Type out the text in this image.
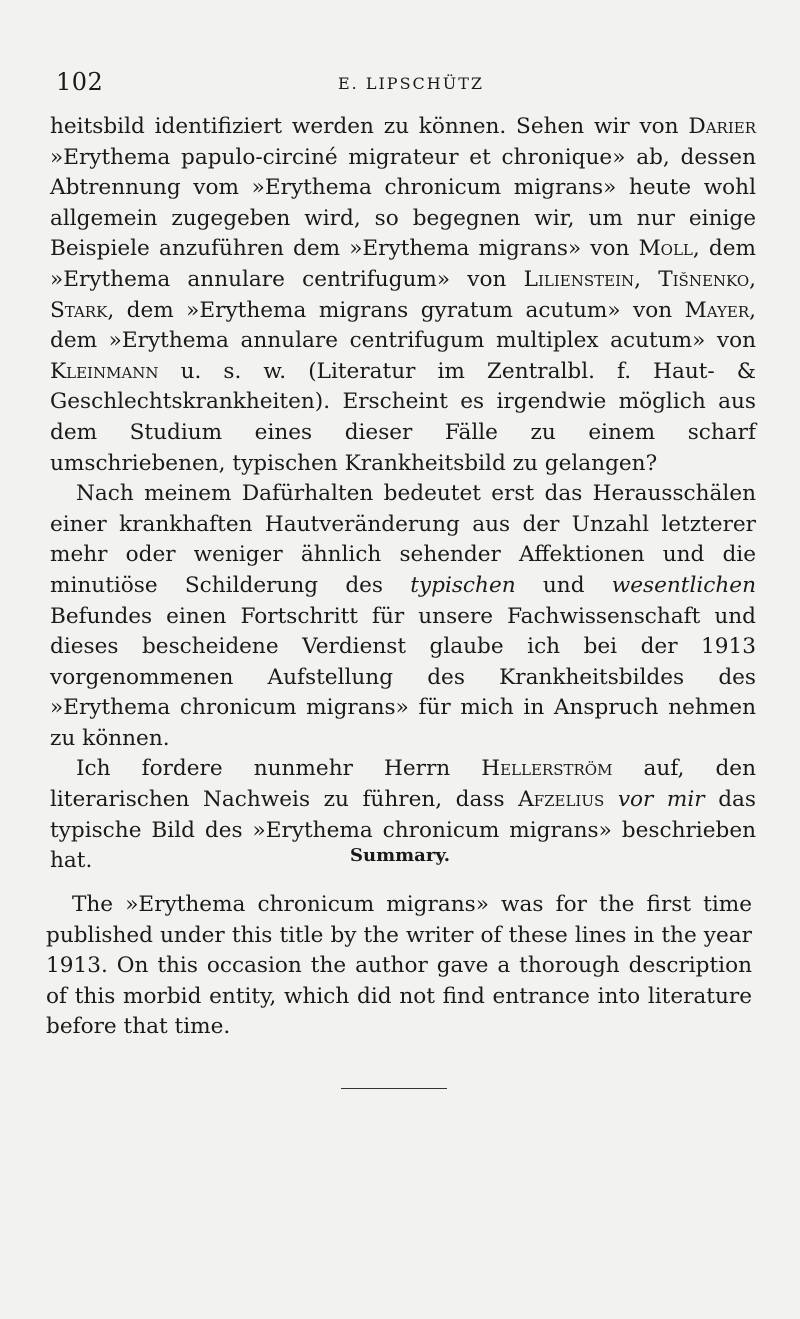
102	E. LIPSCHÜTZ

heitsbild identifiziert werden zu können. Sehen wir von Darier »Erythema papulo-circiné migrateur et chronique» ab, dessen Abtrennung vom »Erythema chronicum migrans» heute wohl allgemein zugegeben wird, so begegnen wir, um nur einige Beispiele anzuführen dem »Erythema migrans» von Moll, dem »Erythema annulare centrifugum» von Lilienstein, Tišnenko, Stark, dem »Erythema migrans gyratum acutum» von Mayer, dem »Erythema annulare centrifugum multiplex acutum» von Kleinmann u. s. w. (Literatur im Zentralbl. f. Haut- & Geschlechtskrankheiten). Erscheint es irgendwie möglich aus dem Studium eines dieser Fälle zu einem scharf umschriebenen, typischen Krankheitsbild zu gelangen?

Nach meinem Dafürhalten bedeutet erst das Herausschälen einer krankhaften Hautveränderung aus der Unzahl letzterer mehr oder weniger ähnlich sehender Affektionen und die minutiöse Schilderung des typischen und wesentlichen Befundes einen Fortschritt für unsere Fachwissenschaft und dieses bescheidene Verdienst glaube ich bei der 1913 vorgenommenen Aufstellung des Krankheitsbildes des »Erythema chronicum migrans» für mich in Anspruch nehmen zu können.

Ich fordere nunmehr Herrn Hellerström auf, den literarischen Nachweis zu führen, dass Afzelius vor mir das typische Bild des »Erythema chronicum migrans» beschrieben hat.	Summary.

The »Erythema chronicum migrans» was for the first time published under this title by the writer of these lines in the year 1913. On this occasion the author gave a thorough description of this morbid entity, which did not find entrance into literature before that time.
